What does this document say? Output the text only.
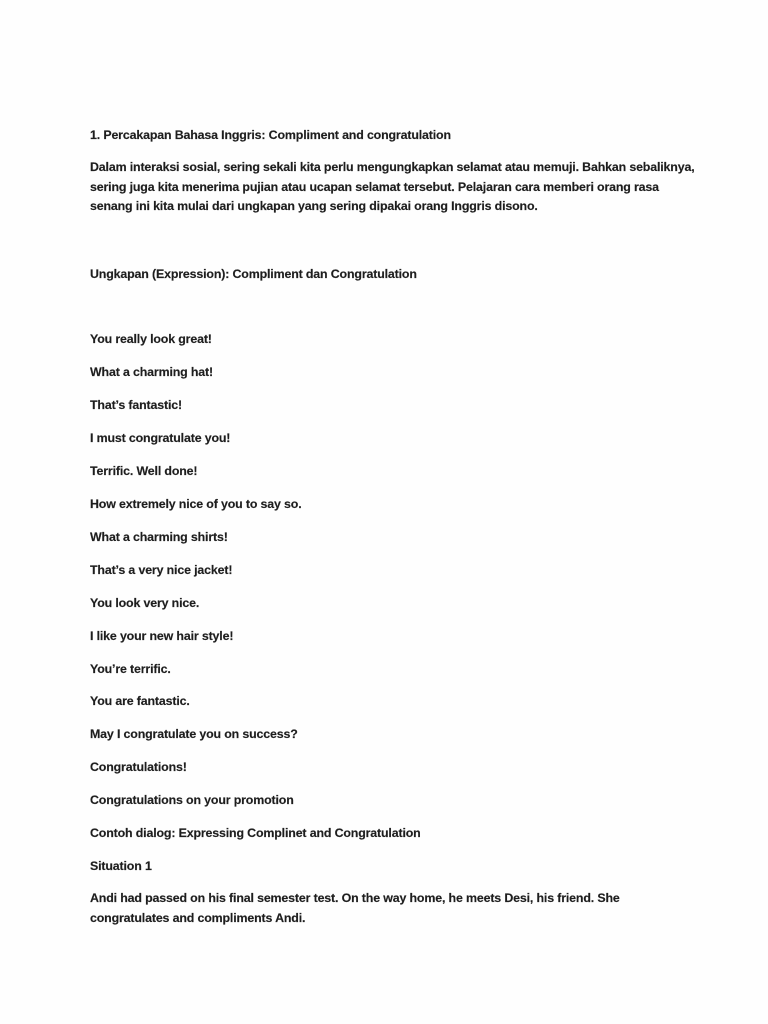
1. Percakapan Bahasa Inggris: Compliment and congratulation
Dalam interaksi sosial, sering sekali kita perlu mengungkapkan selamat atau memuji. Bahkan sebaliknya,
sering juga kita menerima pujian atau ucapan selamat tersebut. Pelajaran cara memberi orang rasa
senang ini kita mulai dari ungkapan yang sering dipakai orang Inggris disono.
Ungkapan (Expression): Compliment dan Congratulation
You really look great!
What a charming hat!
That’s fantastic!
I must congratulate you!
Terrific. Well done!
How extremely nice of you to say so.
What a charming shirts!
That’s a very nice jacket!
You look very nice.
I like your new hair style!
You’re terrific.
You are fantastic.
May I congratulate you on success?
Congratulations!
Congratulations on your promotion
Contoh dialog: Expressing Complinet and Congratulation
Situation 1
Andi had passed on his final semester test. On the way home, he meets Desi, his friend. She
congratulates and compliments Andi.
